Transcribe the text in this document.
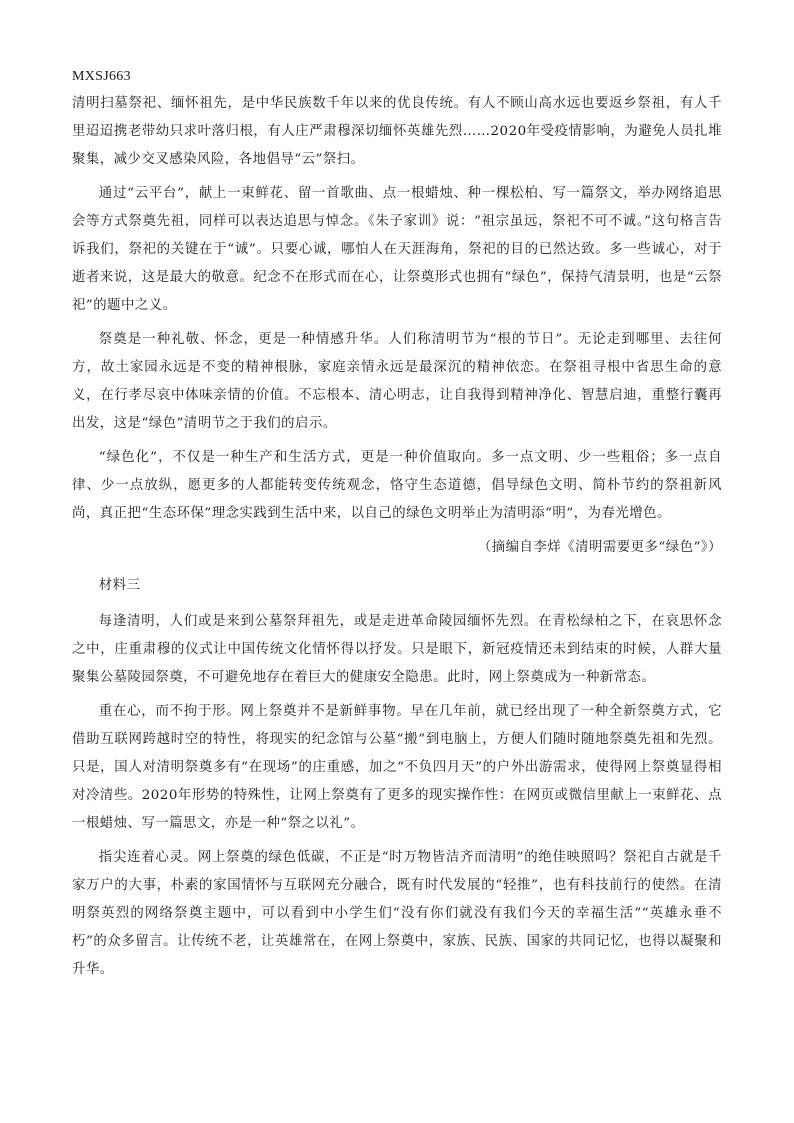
MXSJ663

清明扫墓祭祀、缅怀祖先，是中华民族数千年以来的优良传统。有人不顾山高水远也要返乡祭祖，有人千里迢迢携老带幼只求叶落归根，有人庄严肃穆深切缅怀英雄先烈……2020年受疫情影响，为避免人员扎堆聚集，减少交叉感染风险，各地倡导“云”祭扫。

通过“云平台”，献上一束鲜花、留一首歌曲、点一根蜡烛、种一棵松柏、写一篇祭文，举办网络追思会等方式祭奠先祖，同样可以表达追思与悼念。《朱子家训》说：“祖宗虽远，祭祀不可不诚。”这句格言告诉我们，祭祀的关键在于“诚”。只要心诚，哪怕人在天涯海角，祭祀的目的已然达致。多一些诚心，对于逝者来说，这是最大的敬意。纪念不在形式而在心，让祭奠形式也拥有“绿色”，保持气清景明，也是“云祭祀”的题中之义。

祭奠是一种礼敬、怀念，更是一种情感升华。人们称清明节为“根的节日”。无论走到哪里、去往何方，故土家园永远是不变的精神根脉，家庭亲情永远是最深沉的精神依恋。在祭祖寻根中省思生命的意义，在行孝尽哀中体味亲情的价值。不忘根本、清心明志，让自我得到精神净化、智慧启迪，重整行囊再出发，这是“绿色”清明节之于我们的启示。

“绿色化”，不仅是一种生产和生活方式，更是一种价值取向。多一点文明、少一些粗俗；多一点自律、少一点放纵，愿更多的人都能转变传统观念，恪守生态道德，倡导绿色文明、简朴节约的祭祖新风尚，真正把“生态环保”理念实践到生活中来，以自己的绿色文明举止为清明添“明”，为春光增色。

（摘编自李烊《清明需要更多“绿色”》）
材料三

每逢清明，人们或是来到公墓祭拜祖先，或是走进革命陵园缅怀先烈。在青松绿柏之下，在哀思怀念之中，庄重肃穆的仪式让中国传统文化情怀得以抒发。只是眼下，新冠疫情还未到结束的时候，人群大量聚集公墓陵园祭奠，不可避免地存在着巨大的健康安全隐患。此时，网上祭奠成为一种新常态。

重在心，而不拘于形。网上祭奠并不是新鲜事物。早在几年前，就已经出现了一种全新祭奠方式，它借助互联网跨越时空的特性，将现实的纪念馆与公墓“搬”到电脑上，方便人们随时随地祭奠先祖和先烈。只是，国人对清明祭奠多有“在现场”的庄重感，加之“不负四月天”的户外出游需求，使得网上祭奠显得相对冷清些。2020年形势的特殊性，让网上祭奠有了更多的现实操作性：在网页或微信里献上一束鲜花、点一根蜡烛、写一篇思文，亦是一种“祭之以礼”。

指尖连着心灵。网上祭奠的绿色低碳，不正是“时万物皆洁齐而清明”的绝佳映照吗？祭祀自古就是千家万户的大事，朴素的家国情怀与互联网充分融合，既有时代发展的“轻推”，也有科技前行的使然。在清明祭英烈的网络祭奠主题中，可以看到中小学生们“没有你们就没有我们今天的幸福生活”“英雄永垂不朽”的众多留言。让传统不老，让英雄常在，在网上祭奠中，家族、民族、国家的共同记忆，也得以凝聚和升华。
